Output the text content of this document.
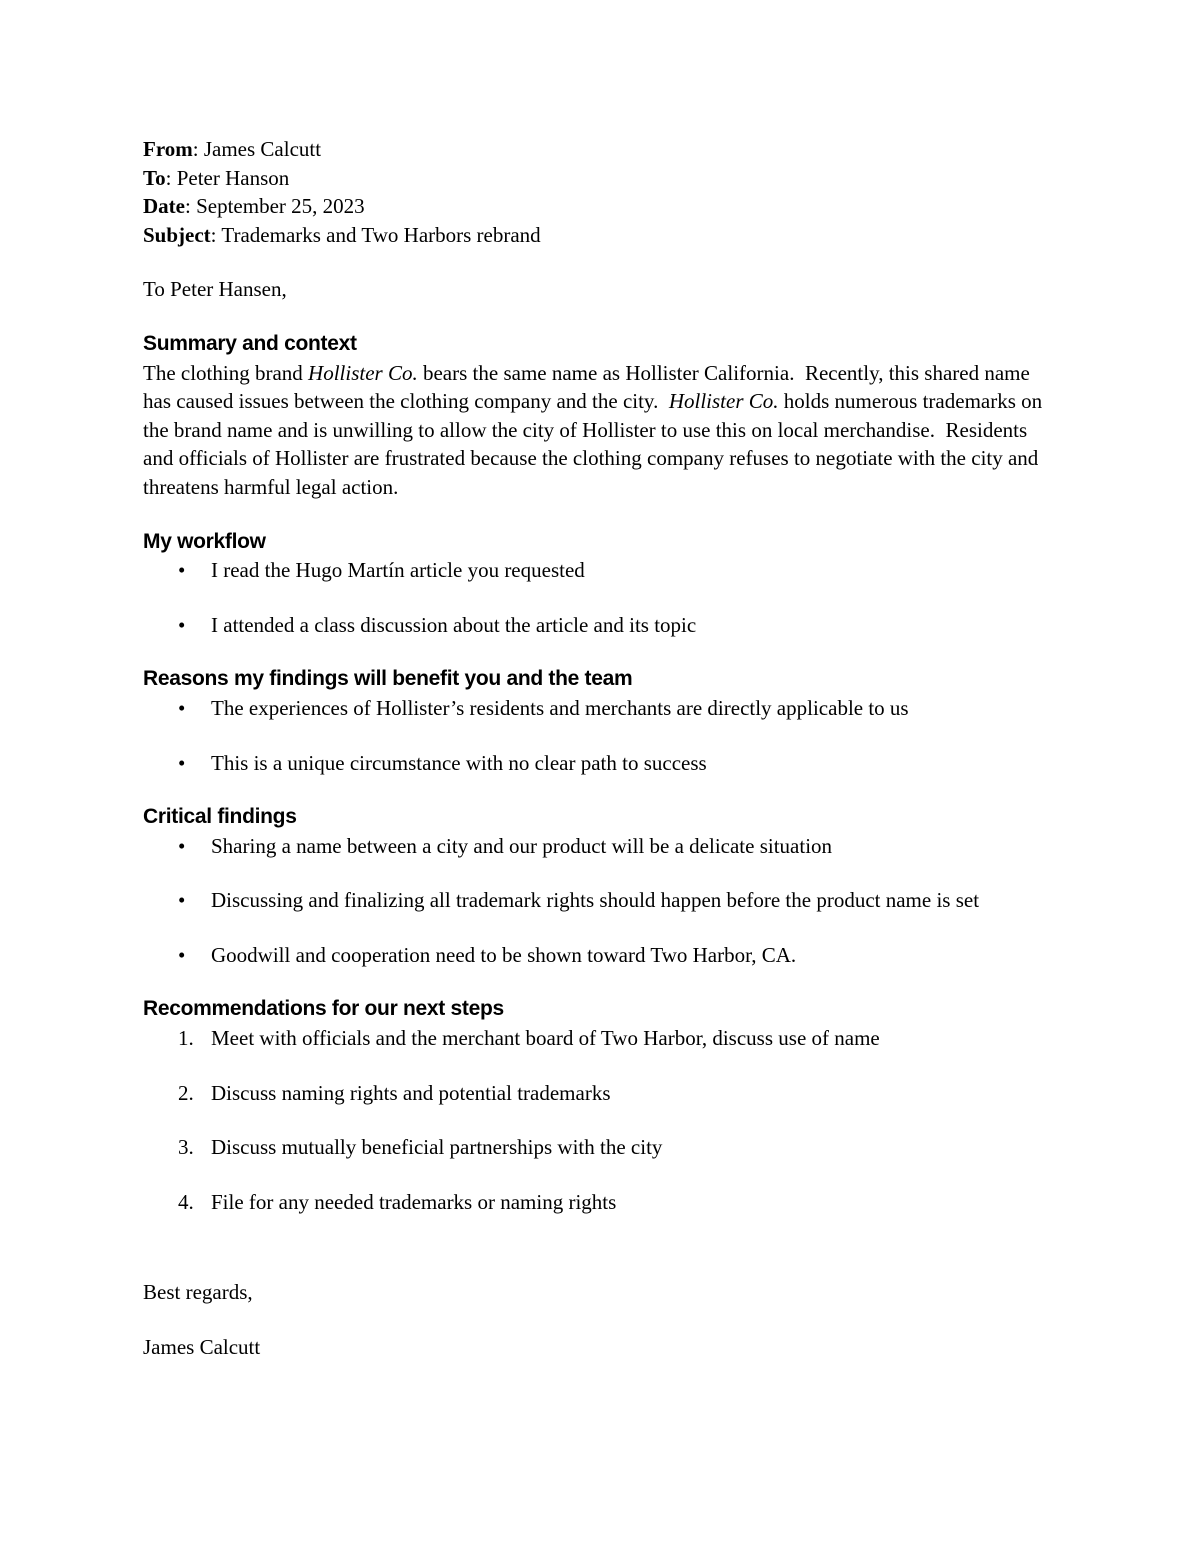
From: James Calcutt
To: Peter Hanson
Date: September 25, 2023
Subject: Trademarks and Two Harbors rebrand
To Peter Hansen,
Summary and context

The clothing brand Hollister Co. bears the same name as Hollister California.  Recently, this shared name has caused issues between the clothing company and the city.  Hollister Co. holds numerous trademarks on the brand name and is unwilling to allow the city of Hollister to use this on local merchandise.  Residents and officials of Hollister are frustrated because the clothing company refuses to negotiate with the city and threatens harmful legal action.

My workflow
•	I read the Hugo Martín article you requested
•	I attended a class discussion about the article and its topic
Reasons my findings will benefit you and the team
•	The experiences of Hollister’s residents and merchants are directly applicable to us
•	This is a unique circumstance with no clear path to success
Critical findings
•	Sharing a name between a city and our product will be a delicate situation
•	Discussing and finalizing all trademark rights should happen before the product name is set
•	Goodwill and cooperation need to be shown toward Two Harbor, CA.
Recommendations for our next steps
1. Meet with officials and the merchant board of Two Harbor, discuss use of name
2. Discuss naming rights and potential trademarks
3. Discuss mutually beneficial partnerships with the city
4. File for any needed trademarks or naming rights
Best regards,
James Calcutt
